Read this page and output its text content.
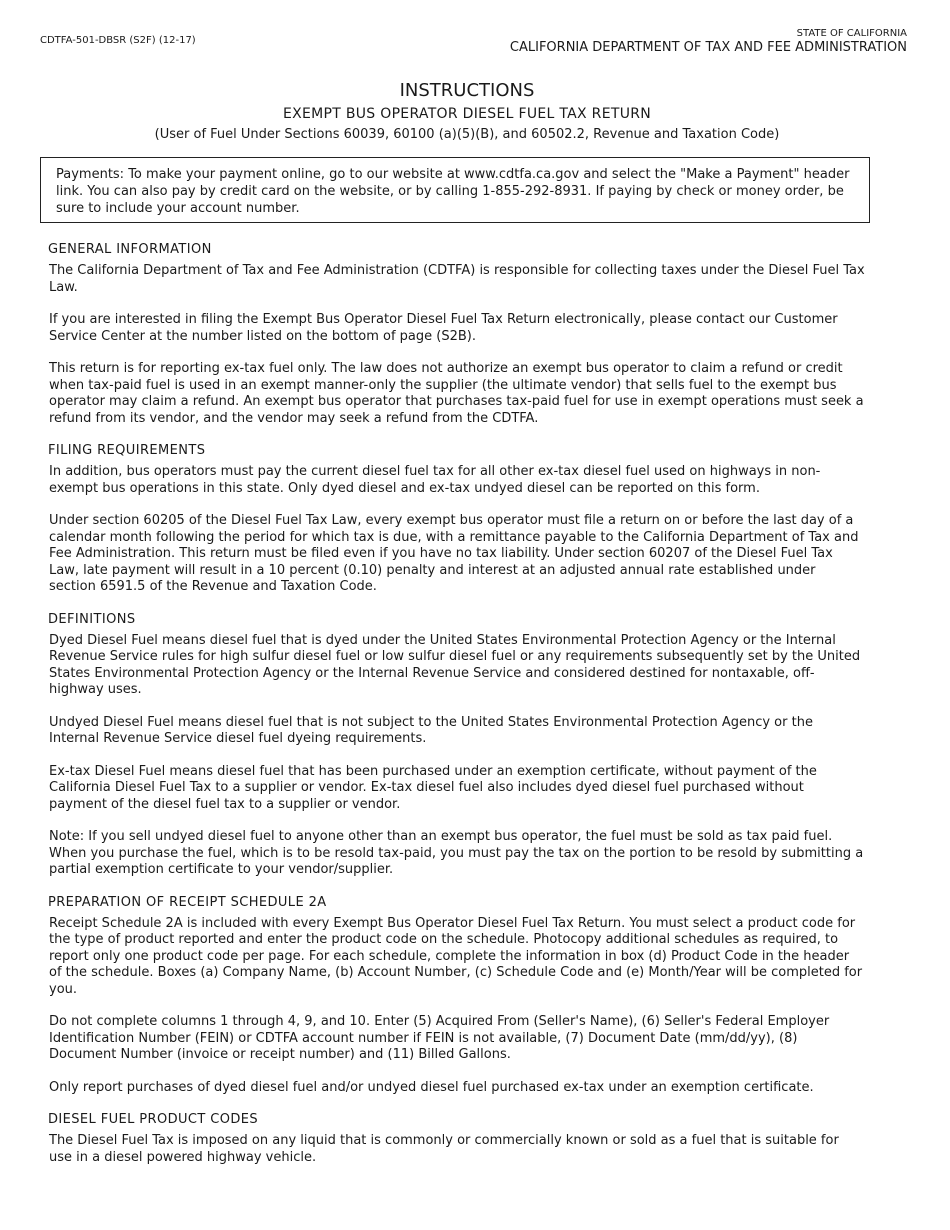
CDTFA-501-DBSR (S2F) (12-17)
STATE OF CALIFORNIA
CALIFORNIA DEPARTMENT OF TAX AND FEE ADMINISTRATION
INSTRUCTIONS
EXEMPT BUS OPERATOR DIESEL FUEL TAX RETURN
(User of Fuel Under Sections 60039, 60100 (a)(5)(B), and 60502.2, Revenue and Taxation Code)
Payments: To make your payment online, go to our website at www.cdtfa.ca.gov and select the "Make a Payment" header link. You can also pay by credit card on the website, or by calling 1-855-292-8931. If paying by check or money order, be sure to include your account number.
GENERAL INFORMATION

The California Department of Tax and Fee Administration (CDTFA) is responsible for collecting taxes under the Diesel Fuel Tax Law.

If you are interested in filing the Exempt Bus Operator Diesel Fuel Tax Return electronically, please contact our Customer Service Center at the number listed on the bottom of page (S2B).

This return is for reporting ex-tax fuel only. The law does not authorize an exempt bus operator to claim a refund or credit when tax-paid fuel is used in an exempt manner-only the supplier (the ultimate vendor) that sells fuel to the exempt bus operator may claim a refund. An exempt bus operator that purchases tax-paid fuel for use in exempt operations must seek a refund from its vendor, and the vendor may seek a refund from the CDTFA.

FILING REQUIREMENTS

In addition, bus operators must pay the current diesel fuel tax for all other ex-tax diesel fuel used on highways in non-exempt bus operations in this state. Only dyed diesel and ex-tax undyed diesel can be reported on this form.

Under section 60205 of the Diesel Fuel Tax Law, every exempt bus operator must file a return on or before the last day of a calendar month following the period for which tax is due, with a remittance payable to the California Department of Tax and Fee Administration. This return must be filed even if you have no tax liability. Under section 60207 of the Diesel Fuel Tax Law, late payment will result in a 10 percent (0.10) penalty and interest at an adjusted annual rate established under section 6591.5 of the Revenue and Taxation Code.

DEFINITIONS

Dyed Diesel Fuel means diesel fuel that is dyed under the United States Environmental Protection Agency or the Internal Revenue Service rules for high sulfur diesel fuel or low sulfur diesel fuel or any requirements subsequently set by the United States Environmental Protection Agency or the Internal Revenue Service and considered destined for nontaxable, off-highway uses.

Undyed Diesel Fuel means diesel fuel that is not subject to the United States Environmental Protection Agency or the Internal Revenue Service diesel fuel dyeing requirements.

Ex-tax Diesel Fuel means diesel fuel that has been purchased under an exemption certificate, without payment of the California Diesel Fuel Tax to a supplier or vendor. Ex-tax diesel fuel also includes dyed diesel fuel purchased without payment of the diesel fuel tax to a supplier or vendor.

Note: If you sell undyed diesel fuel to anyone other than an exempt bus operator, the fuel must be sold as tax paid fuel. When you purchase the fuel, which is to be resold tax-paid, you must pay the tax on the portion to be resold by submitting a partial exemption certificate to your vendor/supplier.

PREPARATION OF RECEIPT SCHEDULE 2A

Receipt Schedule 2A is included with every Exempt Bus Operator Diesel Fuel Tax Return. You must select a product code for the type of product reported and enter the product code on the schedule. Photocopy additional schedules as required, to report only one product code per page. For each schedule, complete the information in box (d) Product Code in the header of the schedule. Boxes (a) Company Name, (b) Account Number, (c) Schedule Code and (e) Month/Year will be completed for you.

Do not complete columns 1 through 4, 9, and 10. Enter (5) Acquired From (Seller's Name), (6) Seller's Federal Employer Identification Number (FEIN) or CDTFA account number if FEIN is not available, (7) Document Date (mm/dd/yy), (8) Document Number (invoice or receipt number) and (11) Billed Gallons.

Only report purchases of dyed diesel fuel and/or undyed diesel fuel purchased ex-tax under an exemption certificate.

DIESEL FUEL PRODUCT CODES

The Diesel Fuel Tax is imposed on any liquid that is commonly or commercially known or sold as a fuel that is suitable for use in a diesel powered highway vehicle.
